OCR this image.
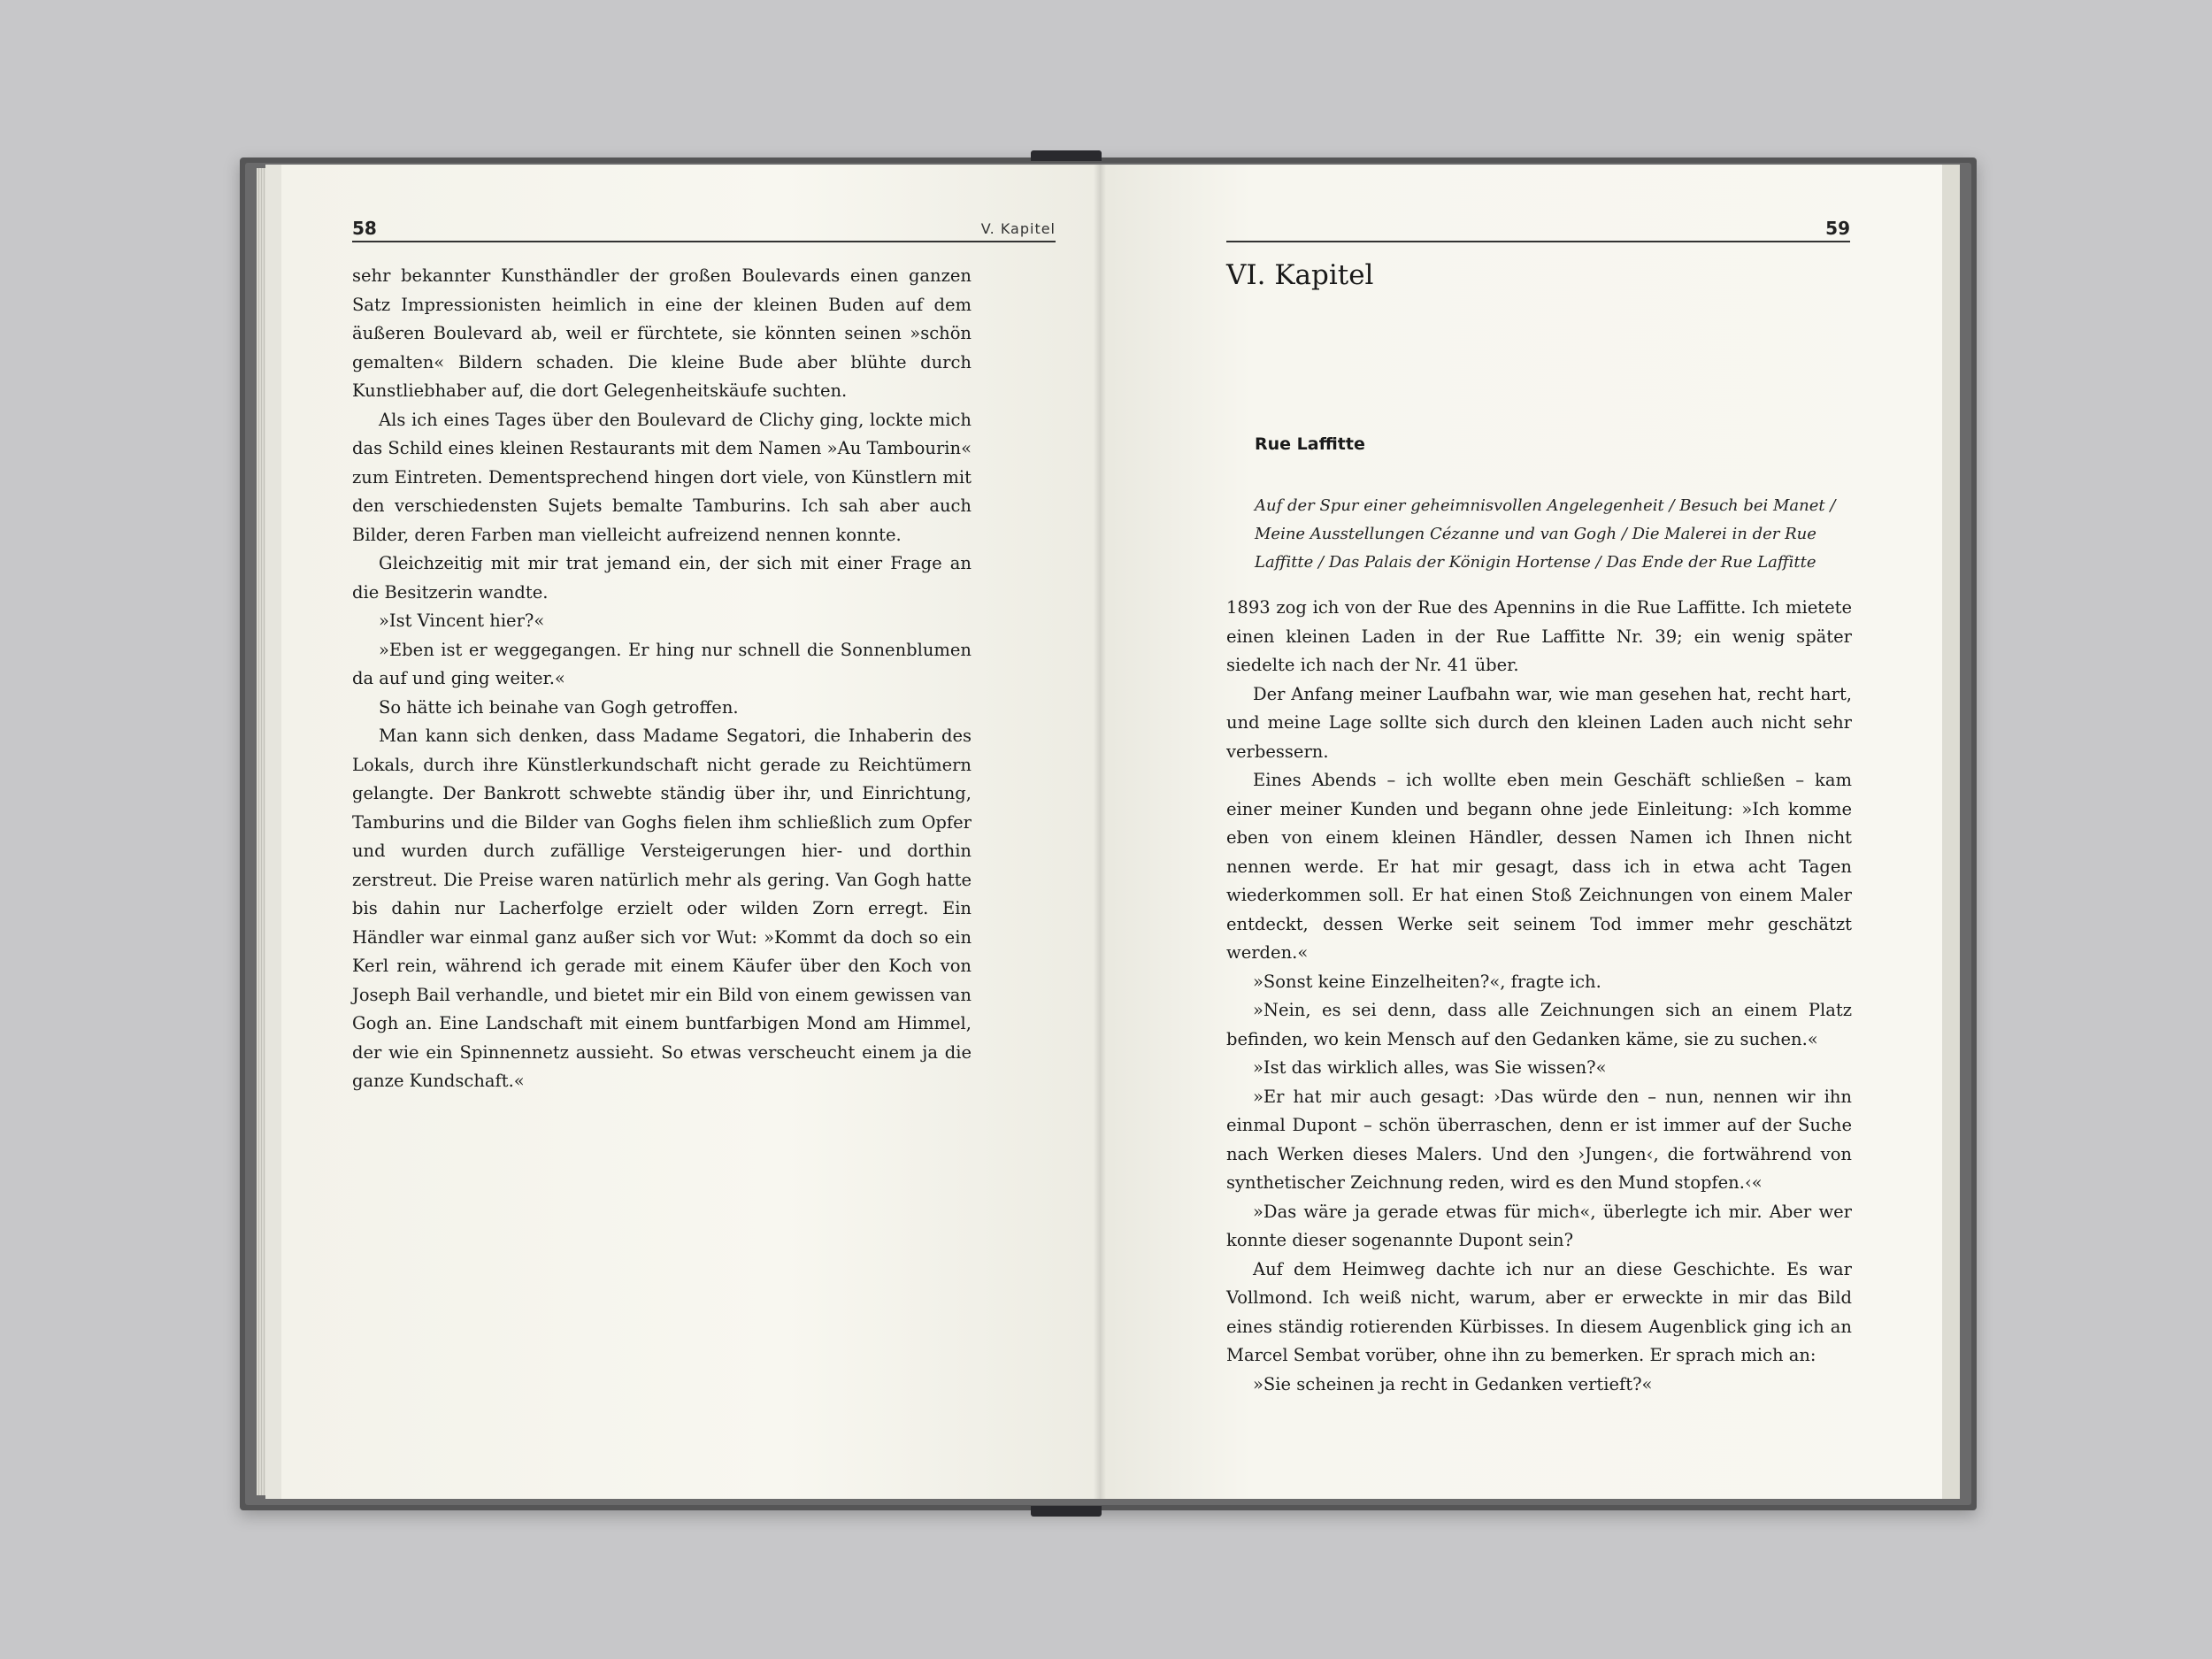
58	V. Kapitel

sehr bekannter Kunsthändler der großen Boulevards einen ganzen Satz Impressionisten heimlich in eine der kleinen Buden auf dem äußeren Boulevard ab, weil er fürchtete, sie könnten seinen »schön gemalten« Bildern schaden. Die kleine Bude aber blühte durch Kunstliebhaber auf, die dort Gelegenheitskäufe suchten.

Als ich eines Tages über den Boulevard de Clichy ging, lockte mich das Schild eines kleinen Restaurants mit dem Namen »Au Tambourin« zum Eintreten. Dementsprechend hingen dort viele, von Künstlern mit den verschiedensten Sujets bemalte Tamburins. Ich sah aber auch Bilder, deren Farben man vielleicht aufreizend nennen konnte.

Gleichzeitig mit mir trat jemand ein, der sich mit einer Frage an die Besitzerin wandte.

»Ist Vincent hier?«

»Eben ist er weggegangen. Er hing nur schnell die Sonnenblumen da auf und ging weiter.«

So hätte ich beinahe van Gogh getroffen.

Man kann sich denken, dass Madame Segatori, die Inhaberin des Lokals, durch ihre Künstlerkundschaft nicht gerade zu Reichtümern gelangte. Der Bankrott schwebte ständig über ihr, und Einrichtung, Tamburins und die Bilder van Goghs fielen ihm schließlich zum Opfer und wurden durch zufällige Versteigerungen hier- und dorthin zerstreut. Die Preise waren natürlich mehr als gering. Van Gogh hatte bis dahin nur Lacherfolge erzielt oder wilden Zorn erregt. Ein Händler war einmal ganz außer sich vor Wut: »Kommt da doch so ein Kerl rein, während ich gerade mit einem Käufer über den Koch von Joseph Bail verhandle, und bietet mir ein Bild von einem gewissen van Gogh an. Eine Landschaft mit einem buntfarbigen Mond am Himmel, der wie ein Spinnennetz aussieht. So etwas verscheucht einem ja die ganze Kundschaft.«

59
VI. Kapitel
Rue Laffitte
Auf der Spur einer geheimnisvollen Angelegenheit / Besuch bei Manet / Meine Ausstellungen Cézanne und van Gogh / Die Malerei in der Rue Laffitte / Das Palais der Königin Hortense / Das Ende der Rue Laffitte

1893 zog ich von der Rue des Apennins in die Rue Laffitte. Ich mietete einen kleinen Laden in der Rue Laffitte Nr. 39; ein wenig später siedelte ich nach der Nr. 41 über.

Der Anfang meiner Laufbahn war, wie man gesehen hat, recht hart, und meine Lage sollte sich durch den kleinen Laden auch nicht sehr verbessern.

Eines Abends – ich wollte eben mein Geschäft schließen – kam einer meiner Kunden und begann ohne jede Einleitung: »Ich komme eben von einem kleinen Händler, dessen Namen ich Ihnen nicht nennen werde. Er hat mir gesagt, dass ich in etwa acht Tagen wiederkommen soll. Er hat einen Stoß Zeichnungen von einem Maler entdeckt, dessen Werke seit seinem Tod immer mehr geschätzt werden.«

»Sonst keine Einzelheiten?«, fragte ich.

»Nein, es sei denn, dass alle Zeichnungen sich an einem Platz befinden, wo kein Mensch auf den Gedanken käme, sie zu suchen.«

»Ist das wirklich alles, was Sie wissen?«

»Er hat mir auch gesagt: ›Das würde den – nun, nennen wir ihn einmal Dupont – schön überraschen, denn er ist immer auf der Suche nach Werken dieses Malers. Und den ›Jungen‹, die fortwährend von synthetischer Zeichnung reden, wird es den Mund stopfen.‹«

»Das wäre ja gerade etwas für mich«, überlegte ich mir. Aber wer konnte dieser sogenannte Dupont sein?

Auf dem Heimweg dachte ich nur an diese Geschichte. Es war Vollmond. Ich weiß nicht, warum, aber er erweckte in mir das Bild eines ständig rotierenden Kürbisses. In diesem Augenblick ging ich an Marcel Sembat vorüber, ohne ihn zu bemerken. Er sprach mich an:

»Sie scheinen ja recht in Gedanken vertieft?«
